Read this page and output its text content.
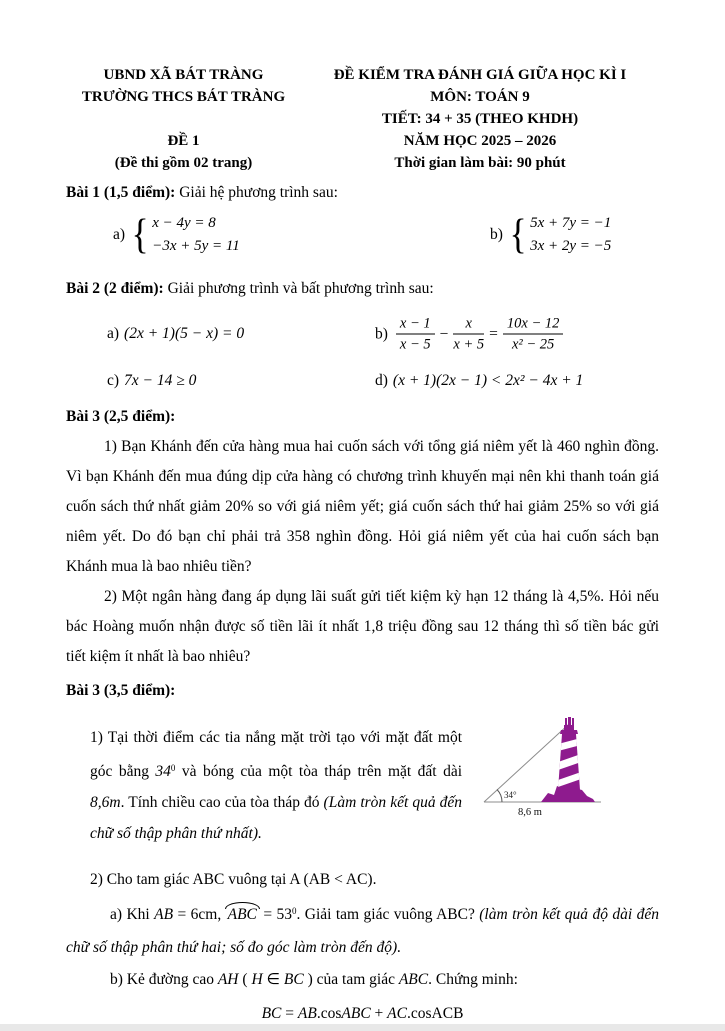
UBND XÃ BÁT TRÀNG
TRƯỜNG THCS BÁT TRÀNG
ĐỀ 1
(Đề thi gồm 02 trang)
ĐỀ KIỂM TRA ĐÁNH GIÁ GIỮA HỌC KÌ I
MÔN: TOÁN 9
TIẾT: 34 + 35 (THEO KHDH)
NĂM HỌC 2025 – 2026
Thời gian làm bài: 90 phút
Bài 1 (1,5 điểm): Giải hệ phương trình sau:
a)
{
x − 4y = 8
−3x + 5y = 11
b)
{
5x + 7y = −1
3x + 2y = −5
Bài 2 (2 điểm): Giải phương trình và bất phương trình sau:
a) (2x + 1)(5 − x) = 0	$b) \frac{x - 1}{x - 5} - \frac{x}{x + 5} = \frac{10x - 12}{\text{x² − 25}}$
c) 7x − 14 ≥ 0	d) (x + 1)(2x − 1) < 2x² − 4x + 1
Bài 3 (2,5 điểm):

1) Bạn Khánh đến cửa hàng mua hai cuốn sách với tổng giá niêm yết là 460 nghìn đồng. Vì bạn Khánh đến mua đúng dịp cửa hàng có chương trình khuyến mại nên khi thanh toán giá cuốn sách thứ nhất giảm 20% so với giá niêm yết; giá cuốn sách thứ hai giảm 25% so với giá niêm yết. Do đó bạn chỉ phải trả 358 nghìn đồng. Hỏi giá niêm yết của hai cuốn sách bạn Khánh mua là bao nhiêu tiền?

2) Một ngân hàng đang áp dụng lãi suất gửi tiết kiệm kỳ hạn 12 tháng là 4,5%. Hỏi nếu bác Hoàng muốn nhận được số tiền lãi ít nhất 1,8 triệu đồng sau 12 tháng thì số tiền bác gửi tiết kiệm ít nhất là bao nhiêu?

Bài 3 (3,5 điểm):

1) Tại thời điểm các tia nắng mặt trời tạo với mặt đất một góc bằng $34^0$ và bóng của một tòa tháp trên mặt đất dài 8,6m. Tính chiều cao của tòa tháp đó (Làm tròn kết quả đến chữ số thập phân thứ nhất).

34°
8,6 m

2) Cho tam giác ABC vuông tại A (AB < AC).

a) Khi AB = 6cm, ABC = $53^0$. Giải tam giác vuông ABC? (làm tròn kết quả độ dài đến chữ số thập phân thứ hai; số đo góc làm tròn đến độ).

b) Kẻ đường cao AH ( H ∈ BC ) của tam giác ABC. Chứng minh:

BC = AB.cosABC + AC.cosACB
